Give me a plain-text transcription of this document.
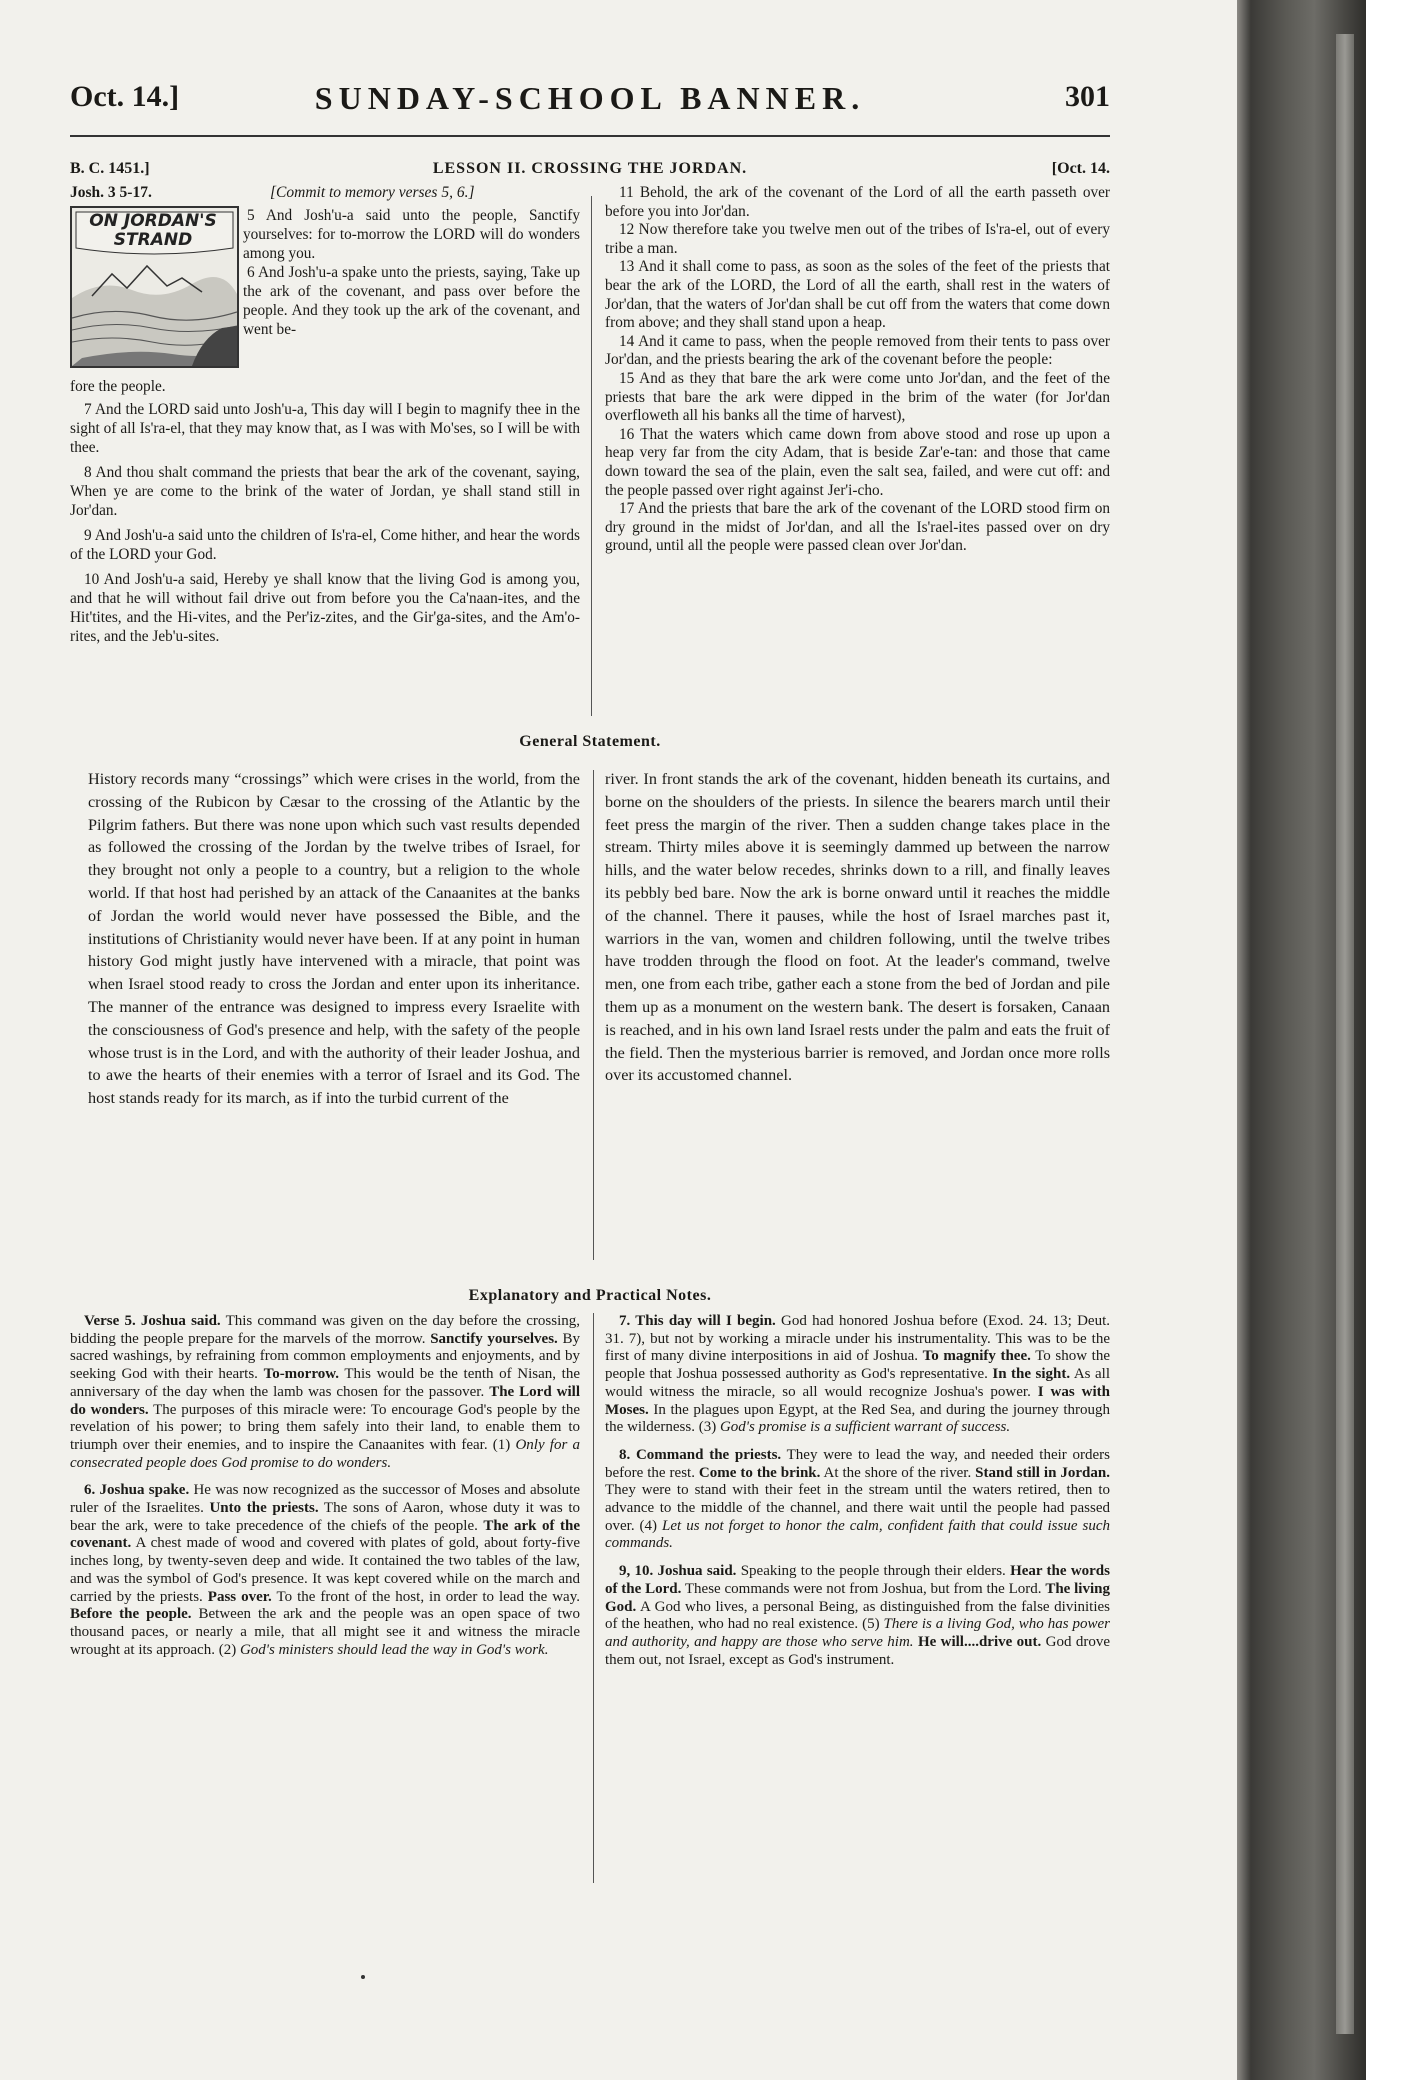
Oct. 14.]	SUNDAY-SCHOOL BANNER.	301
B. C. 1451.]	LESSON II. CROSSING THE JORDAN.	[Oct. 14.
Josh. 3 5-17.	[Commit to memory verses 5, 6.]
ON JORDAN'S
STRAND

5 And Josh'u-a said unto the people, Sanctify yourselves: for to-morrow the LORD will do wonders among you.

6 And Josh'u-a spake unto the priests, saying, Take up the ark of the covenant, and pass over before the people. And they took up the ark of the covenant, and went be-

fore the people.

7 And the LORD said unto Josh'u-a, This day will I begin to magnify thee in the sight of all Is'ra-el, that they may know that, as I was with Mo'ses, so I will be with thee.

8 And thou shalt command the priests that bear the ark of the covenant, saying, When ye are come to the brink of the water of Jordan, ye shall stand still in Jor'dan.

9 And Josh'u-a said unto the children of Is'ra-el, Come hither, and hear the words of the LORD your God.

10 And Josh'u-a said, Hereby ye shall know that the living God is among you, and that he will without fail drive out from before you the Ca'naan-ites, and the Hit'tites, and the Hi-vites, and the Per'iz-zites, and the Gir'ga-sites, and the Am'o-rites, and the Jeb'u-sites.

11 Behold, the ark of the covenant of the Lord of all the earth passeth over before you into Jor'dan.

12 Now therefore take you twelve men out of the tribes of Is'ra-el, out of every tribe a man.

13 And it shall come to pass, as soon as the soles of the feet of the priests that bear the ark of the LORD, the Lord of all the earth, shall rest in the waters of Jor'dan, that the waters of Jor'dan shall be cut off from the waters that come down from above; and they shall stand upon a heap.

14 And it came to pass, when the people removed from their tents to pass over Jor'dan, and the priests bearing the ark of the covenant before the people:

15 And as they that bare the ark were come unto Jor'dan, and the feet of the priests that bare the ark were dipped in the brim of the water (for Jor'dan overfloweth all his banks all the time of harvest),

16 That the waters which came down from above stood and rose up upon a heap very far from the city Adam, that is beside Zar'e-tan: and those that came down toward the sea of the plain, even the salt sea, failed, and were cut off: and the people passed over right against Jer'i-cho.

17 And the priests that bare the ark of the covenant of the LORD stood firm on dry ground in the midst of Jor'dan, and all the Is'rael-ites passed over on dry ground, until all the people were passed clean over Jor'dan.

General Statement.

History records many “crossings” which were crises in the world, from the crossing of the Rubicon by Cæsar to the crossing of the Atlantic by the Pilgrim fathers. But there was none upon which such vast results depended as followed the crossing of the Jordan by the twelve tribes of Israel, for they brought not only a people to a country, but a religion to the whole world. If that host had perished by an attack of the Canaanites at the banks of Jordan the world would never have possessed the Bible, and the institutions of Christianity would never have been. If at any point in human history God might justly have intervened with a miracle, that point was when Israel stood ready to cross the Jordan and enter upon its inheritance. The manner of the entrance was designed to impress every Israelite with the consciousness of God's presence and help, with the safety of the people whose trust is in the Lord, and with the authority of their leader Joshua, and to awe the hearts of their enemies with a terror of Israel and its God. The host stands ready for its march, as if into the turbid current of the

river. In front stands the ark of the covenant, hidden beneath its curtains, and borne on the shoulders of the priests. In silence the bearers march until their feet press the margin of the river. Then a sudden change takes place in the stream. Thirty miles above it is seemingly dammed up between the narrow hills, and the water below recedes, shrinks down to a rill, and finally leaves its pebbly bed bare. Now the ark is borne onward until it reaches the middle of the channel. There it pauses, while the host of Israel marches past it, warriors in the van, women and children following, until the twelve tribes have trodden through the flood on foot. At the leader's command, twelve men, one from each tribe, gather each a stone from the bed of Jordan and pile them up as a monument on the western bank. The desert is forsaken, Canaan is reached, and in his own land Israel rests under the palm and eats the fruit of the field. Then the mysterious barrier is removed, and Jordan once more rolls over its accustomed channel.

Explanatory and Practical Notes.

Verse 5. Joshua said. This command was given on the day before the crossing, bidding the people prepare for the marvels of the morrow. Sanctify yourselves. By sacred washings, by refraining from common employments and enjoyments, and by seeking God with their hearts. To-morrow. This would be the tenth of Nisan, the anniversary of the day when the lamb was chosen for the passover. The Lord will do wonders. The purposes of this miracle were: To encourage God's people by the revelation of his power; to bring them safely into their land, to enable them to triumph over their enemies, and to inspire the Canaanites with fear. (1) Only for a consecrated people does God promise to do wonders.

6. Joshua spake. He was now recognized as the successor of Moses and absolute ruler of the Israelites. Unto the priests. The sons of Aaron, whose duty it was to bear the ark, were to take precedence of the chiefs of the people. The ark of the covenant. A chest made of wood and covered with plates of gold, about forty-five inches long, by twenty-seven deep and wide. It contained the two tables of the law, and was the symbol of God's presence. It was kept covered while on the march and carried by the priests. Pass over. To the front of the host, in order to lead the way. Before the people. Between the ark and the people was an open space of two thousand paces, or nearly a mile, that all might see it and witness the miracle wrought at its approach. (2) God's ministers should lead the way in God's work.

7. This day will I begin. God had honored Joshua before (Exod. 24. 13; Deut. 31. 7), but not by working a miracle under his instrumentality. This was to be the first of many divine interpositions in aid of Joshua. To magnify thee. To show the people that Joshua possessed authority as God's representative. In the sight. As all would witness the miracle, so all would recognize Joshua's power. I was with Moses. In the plagues upon Egypt, at the Red Sea, and during the journey through the wilderness. (3) God's promise is a sufficient warrant of success.

8. Command the priests. They were to lead the way, and needed their orders before the rest. Come to the brink. At the shore of the river. Stand still in Jordan. They were to stand with their feet in the stream until the waters retired, then to advance to the middle of the channel, and there wait until the people had passed over. (4) Let us not forget to honor the calm, confident faith that could issue such commands.

9, 10. Joshua said. Speaking to the people through their elders. Hear the words of the Lord. These commands were not from Joshua, but from the Lord. The living God. A God who lives, a personal Being, as distinguished from the false divinities of the heathen, who had no real existence. (5) There is a living God, who has power and authority, and happy are those who serve him. He will....drive out. God drove them out, not Israel, except as God's instrument.
